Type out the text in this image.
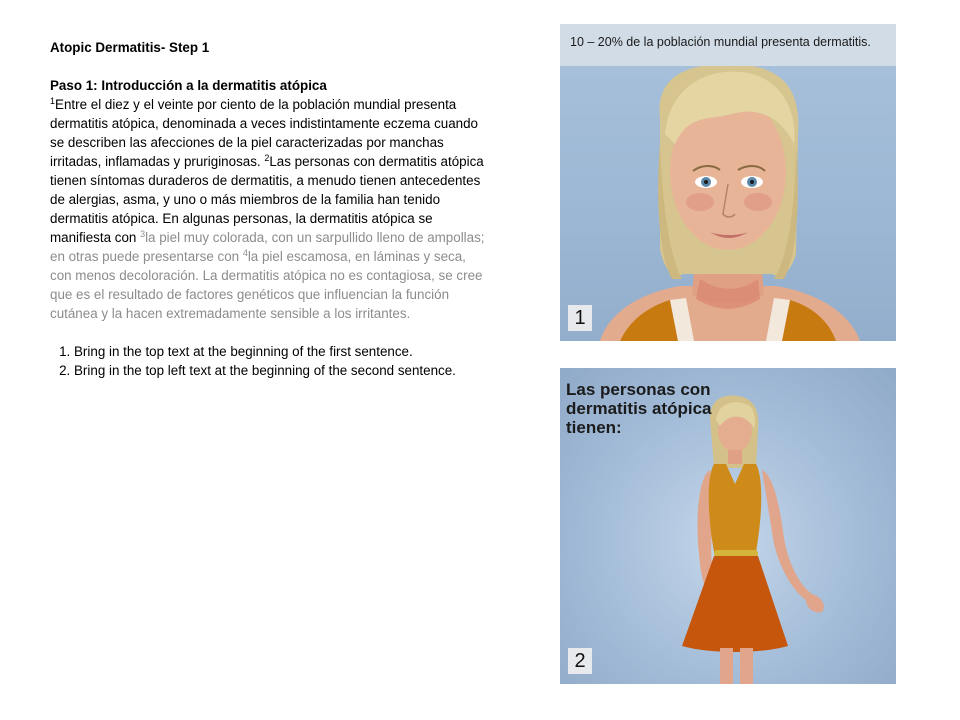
Atopic Dermatitis- Step 1

Paso 1: Introducción a la dermatitis atópica

$^1$Entre el diez y el veinte por ciento de la población mundial presenta dermatitis atópica, denominada a veces indistintamente eczema cuando se describen las afecciones de la piel caracterizadas por manchas irritadas, inflamadas y pruriginosas. $^2$Las personas con dermatitis atópica tienen síntomas duraderos de dermatitis, a menudo tienen antecedentes de alergias, asma, y uno o más miembros de la familia han tenido dermatitis atópica. En algunas personas, la dermatitis atópica se manifiesta con $^3$la piel muy colorada, con un sarpullido lleno de ampollas; en otras puede presentarse con $^4$la piel escamosa, en láminas y seca, con menos decoloración. La dermatitis atópica no es contagiosa, se cree que es el resultado de factores genéticos que influencian la función cutánea y la hacen extremadamente sensible a los irritantes.

1. Bring in the top text at the beginning of the first sentence.
2. Bring in the top left text at the beginning of the second sentence.
10 – 20% de la población mundial presenta dermatitis.
1
Las personas con dermatitis atópica tienen:
2
